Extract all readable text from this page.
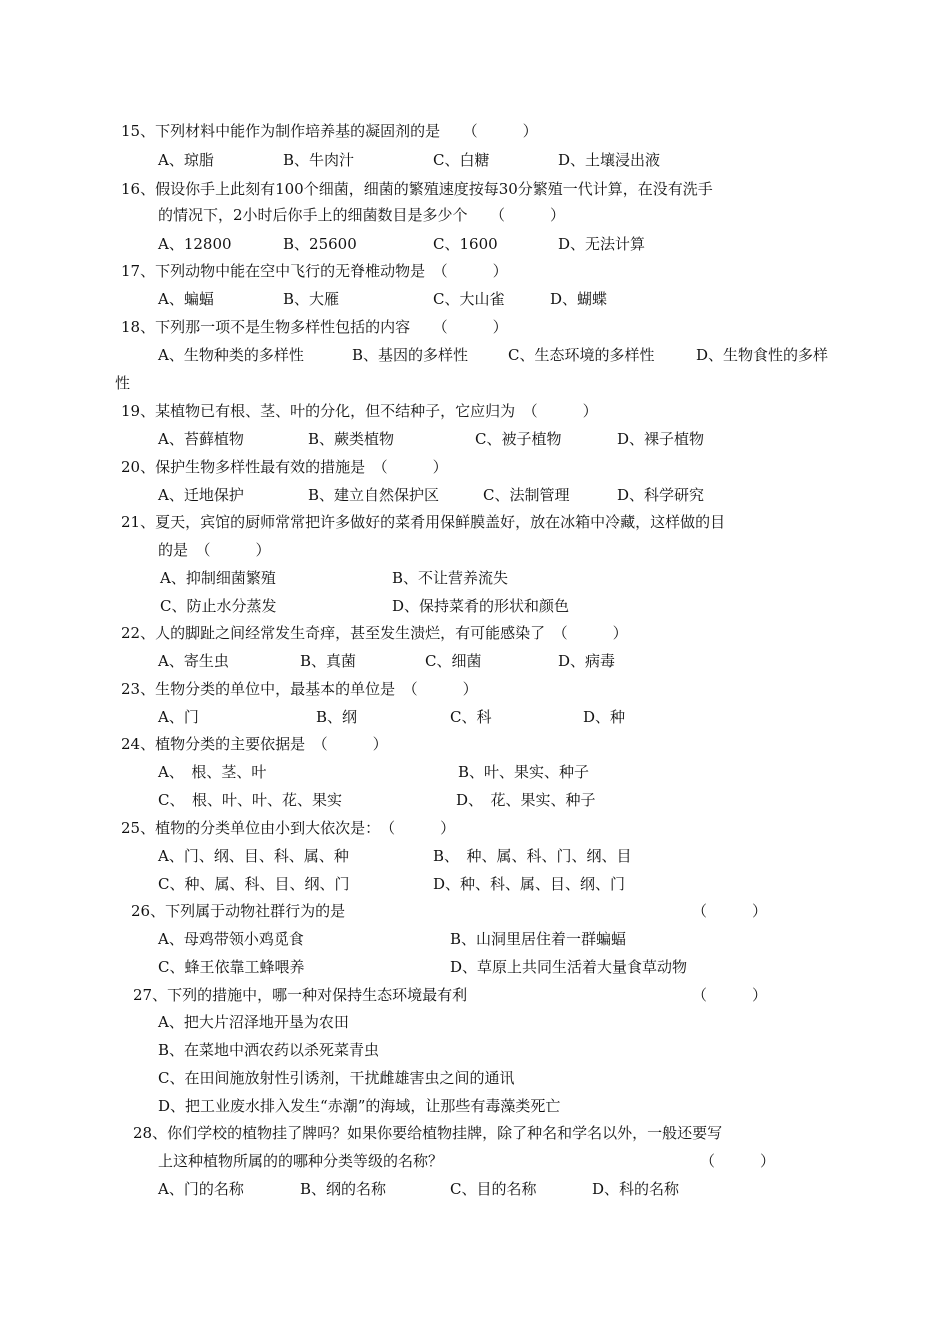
15、下列材料中能作为制作培养基的凝固剂的是　　（　　　）
A、琼脂	B、牛肉汁	C、白糖	D、土壤浸出液
16、假设你手上此刻有100个细菌，细菌的繁殖速度按每30分繁殖一代计算，在没有洗手
的情况下，2小时后你手上的细菌数目是多少个　　（　　　）
A、12800	B、25600	C、1600	D、无法计算
17、下列动物中能在空中飞行的无脊椎动物是　（　　　）
A、蝙蝠	B、大雁	C、大山雀	D、蝴蝶
18、下列那一项不是生物多样性包括的内容　　（　　　）
A、生物种类的多样性	B、基因的多样性	C、生态环境的多样性	D、生物食性的多样
性
19、某植物已有根、茎、叶的分化，但不结种子，它应归为　（　　　）
A、苔藓植物	B、蕨类植物	C、被子植物	D、裸子植物
20、保护生物多样性最有效的措施是　（　　　）
A、迁地保护	B、建立自然保护区	C、法制管理	D、科学研究
21、夏天，宾馆的厨师常常把许多做好的菜肴用保鲜膜盖好，放在冰箱中冷藏，这样做的目
的是　（　　　）
A、抑制细菌繁殖	B、不让营养流失
C、防止水分蒸发	D、保持菜肴的形状和颜色
22、人的脚趾之间经常发生奇痒，甚至发生溃烂，有可能感染了　（　　　）
A、寄生虫	B、真菌	C、细菌	D、病毒
23、生物分类的单位中，最基本的单位是　（　　　）
A、门	B、纲	C、科	D、种
24、植物分类的主要依据是　（　　　）
A、　根、茎、叶	B、叶、果实、种子
C、　根、叶、叶、花、果实	D、　花、果实、种子
25、植物的分类单位由小到大依次是：　（　　　）
A、门、纲、目、科、属、种	B、　种、属、科、门、纲、目
C、种、属、科、目、纲、门	D、种、科、属、目、纲、门
26、下列属于动物社群行为的是	（　　　）
A、母鸡带领小鸡觅食	B、山洞里居住着一群蝙蝠
C、蜂王依靠工蜂喂养	D、草原上共同生活着大量食草动物
27、下列的措施中，哪一种对保持生态环境最有利	（　　　）
A、把大片沼泽地开垦为农田
B、在菜地中洒农药以杀死菜青虫
C、在田间施放射性引诱剂，干扰雌雄害虫之间的通讯
D、把工业废水排入发生“赤潮”的海域，让那些有毒藻类死亡
28、你们学校的植物挂了牌吗？如果你要给植物挂牌，除了种名和学名以外，一般还要写
上这种植物所属的的哪种分类等级的名称？	（　　　）
A、门的名称	B、纲的名称	C、目的名称	D、科的名称
